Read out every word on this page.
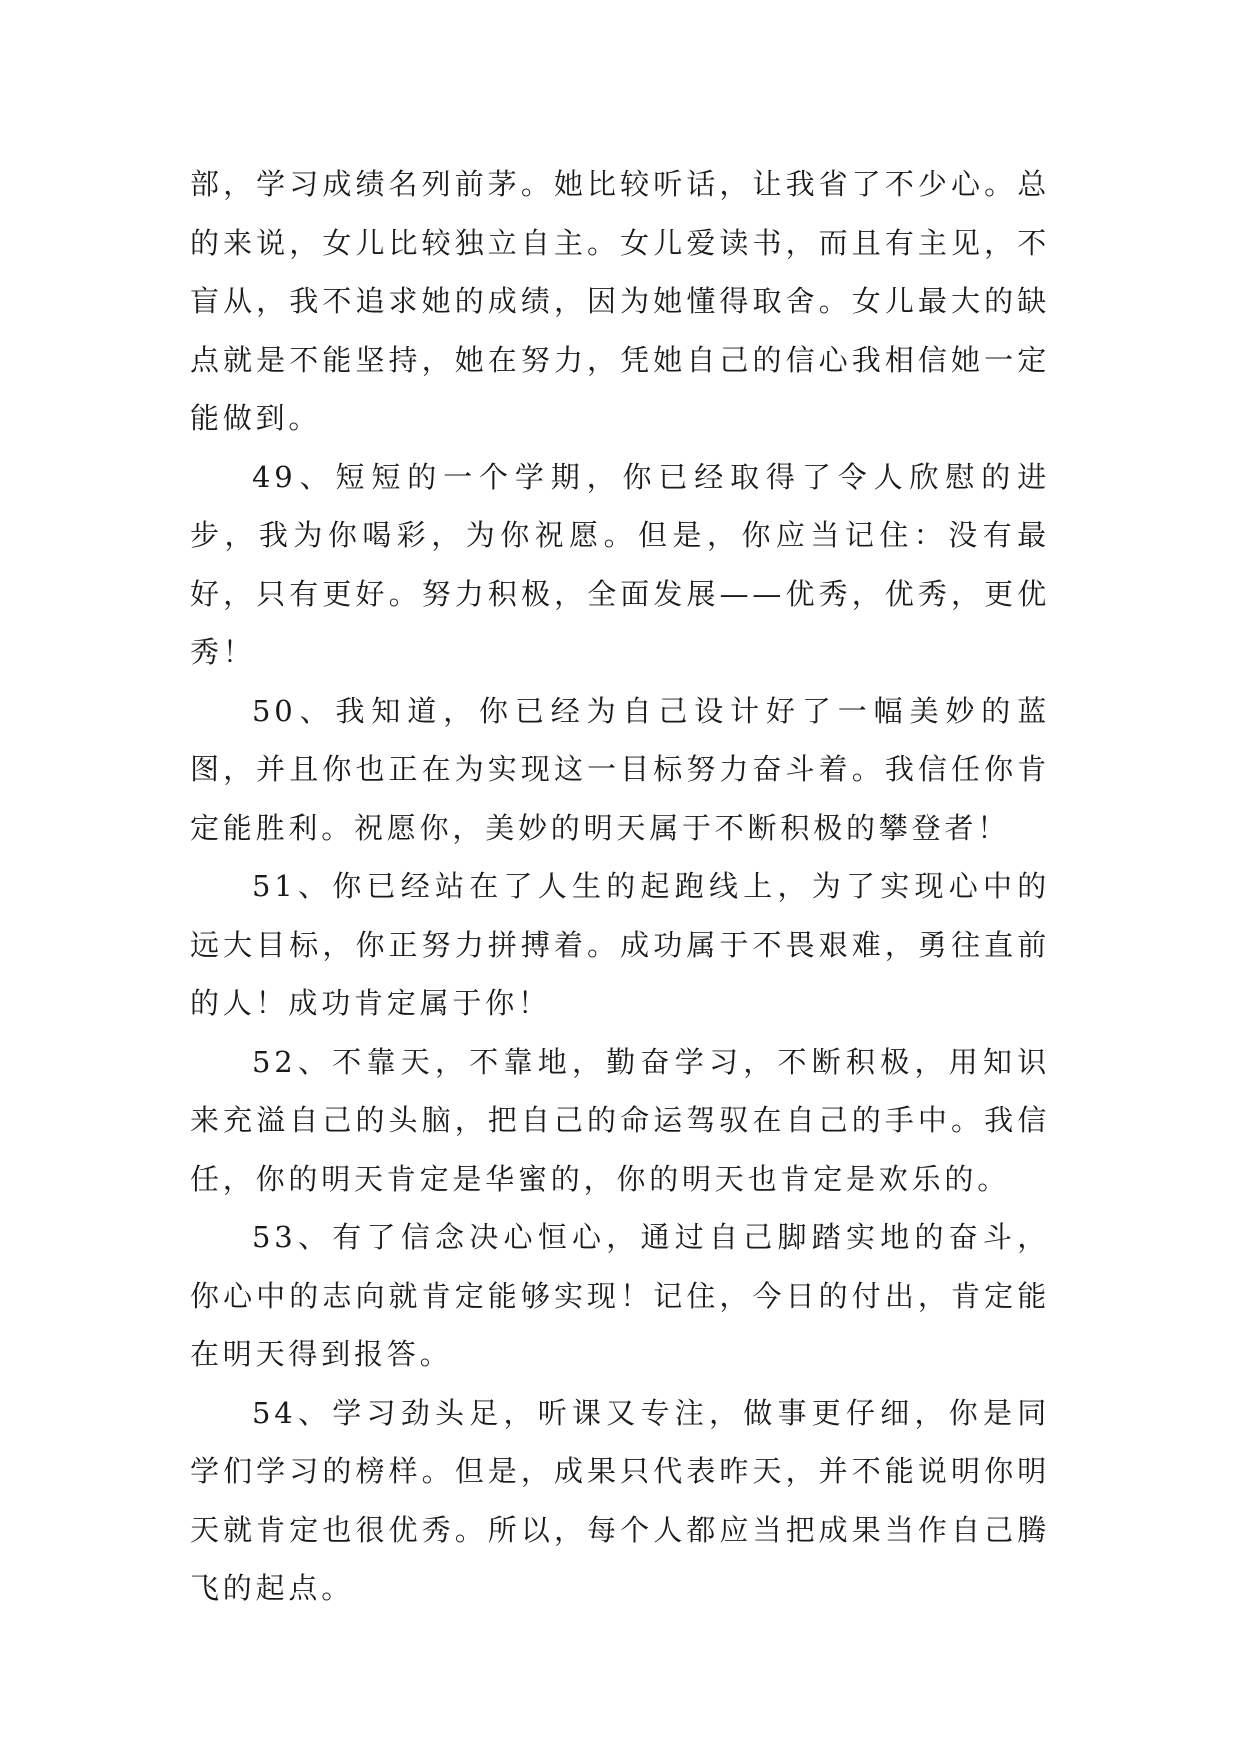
部，学习成绩名列前茅。她比较听话，让我省了不少心。总的来说，女儿比较独立自主。女儿爱读书，而且有主见，不盲从，我不追求她的成绩，因为她懂得取舍。女儿最大的缺点就是不能坚持，她在努力，凭她自己的信心我相信她一定能做到。

49、短短的一个学期，你已经取得了令人欣慰的进步，我为你喝彩，为你祝愿。但是，你应当记住：没有最好，只有更好。努力积极，全面发展——优秀，优秀，更优秀！

50、我知道，你已经为自己设计好了一幅美妙的蓝图，并且你也正在为实现这一目标努力奋斗着。我信任你肯定能胜利。祝愿你，美妙的明天属于不断积极的攀登者！

51、你已经站在了人生的起跑线上，为了实现心中的远大目标，你正努力拼搏着。成功属于不畏艰难，勇往直前的人！成功肯定属于你！

52、不靠天，不靠地，勤奋学习，不断积极，用知识来充溢自己的头脑，把自己的命运驾驭在自己的手中。我信任，你的明天肯定是华蜜的，你的明天也肯定是欢乐的。

53、有了信念决心恒心，通过自己脚踏实地的奋斗，你心中的志向就肯定能够实现！记住，今日的付出，肯定能在明天得到报答。

54、学习劲头足，听课又专注，做事更仔细，你是同学们学习的榜样。但是，成果只代表昨天，并不能说明你明天就肯定也很优秀。所以，每个人都应当把成果当作自己腾飞的起点。
